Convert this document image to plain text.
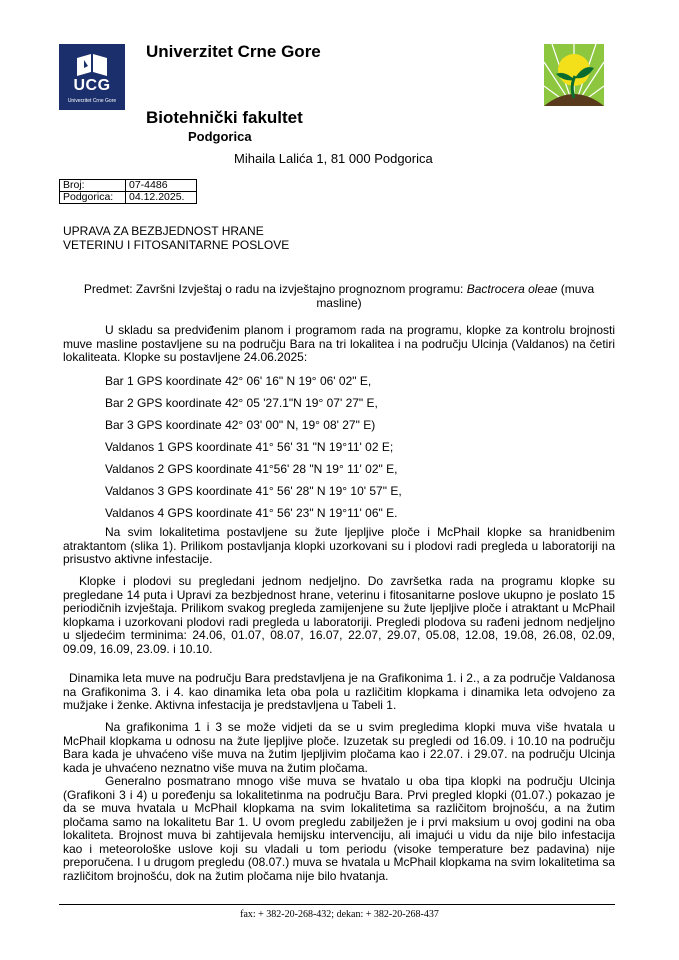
UCG
Univerzitet Crne Gore
Univerzitet Crne Gore
Biotehnički fakultet
Podgorica
Mihaila Lalića 1, 81 000 Podgorica
Broj:	07-4486
Podgorica:	04.12.2025.
UPRAVA ZA BEZBJEDNOST HRANE
VETERINU I FITOSANITARNE POSLOVE
Predmet: Završni Izvještaj o radu na izvještajno prognoznom programu: Bactrocera oleae (muva
masline)
U skladu sa predviđenim planom i programom rada na programu, klopke za kontrolu brojnosti muve masline postavljene su na području Bara na tri lokalitea i na području Ulcinja (Valdanos) na četiri lokaliteata. Klopke su postavljene 24.06.2025:
Bar 1 GPS koordinate 42° 06' 16" N 19° 06' 02" E,
Bar 2 GPS koordinate 42° 05 '27.1"N 19° 07' 27" E,
Bar 3 GPS koordinate 42° 03' 00" N, 19° 08' 27" E)
Valdanos 1 GPS koordinate 41° 56' 31 "N 19°11' 02 E;
Valdanos 2 GPS koordinate 41°56' 28 "N 19° 11' 02" E,
Valdanos 3 GPS koordinate 41° 56' 28" N 19° 10' 57" E,
Valdanos 4 GPS koordinate 41° 56' 23" N 19°11' 06" E.
Na svim lokalitetima postavljene su žute ljepljive ploče i McPhail klopke sa hranidbenim atraktantom (slika 1). Prilikom postavljanja klopki uzorkovani su i plodovi radi pregleda u laboratoriji na prisustvo aktivne infestacije.
Klopke i plodovi su pregledani jednom nedjeljno. Do završetka rada na programu klopke su pregledane 14 puta i Upravi za bezbjednost hrane, veterinu i fitosanitarne poslove ukupno je poslato 15 periodičnih izvještaja. Prilikom svakog pregleda zamijenjene su žute ljepljive ploče i atraktant u McPhail klopkama i uzorkovani plodovi radi pregleda u laboratoriji. Pregledi plodova su rađeni jednom nedjeljno u sljedećim terminima: 24.06, 01.07, 08.07, 16.07, 22.07, 29.07, 05.08, 12.08, 19.08, 26.08, 02.09, 09.09, 16.09, 23.09. i 10.10.
Dinamika leta muve na području Bara predstavljena je na Grafikonima 1. i 2., a za područje Valdanosa na Grafikonima 3. i 4. kao dinamika leta oba pola u različitim klopkama i dinamika leta odvojeno za mužjake i ženke. Aktivna infestacija je predstavljena u Tabeli 1.
Na grafikonima 1 i 3 se može vidjeti da se u svim pregledima klopki muva više hvatala u McPhail klopkama u odnosu na žute ljepljive ploče. Izuzetak su pregledi od 16.09. i 10.10 na području Bara kada je uhvaćeno više muva na žutim ljepljivim pločama kao i 22.07. i 29.07. na području Ulcinja kada je uhvaćeno neznatno više muva na žutim pločama.
Generalno posmatrano mnogo više muva se hvatalo u oba tipa klopki na području Ulcinja (Grafikoni 3 i 4) u poređenju sa lokalitetinma na području Bara. Prvi pregled klopki (01.07.) pokazao je da se muva hvatala u McPhail klopkama na svim lokalitetima sa različitom brojnošću, a na žutim pločama samo na lokalitetu Bar 1. U ovom pregledu zabilježen je i prvi maksium u ovoj godini na oba lokaliteta. Brojnost muva bi zahtijevala hemijsku intervenciju, ali imajući u vidu da nije bilo infestacija kao i meteorološke uslove koji su vladali u tom periodu (visoke temperature bez padavina) nije preporučena. I u drugom pregledu (08.07.) muva se hvatala u McPhail klopkama na svim lokalitetima sa različitom brojnošću, dok na žutim pločama nije bilo hvatanja.
fax: + 382-20-268-432; dekan: + 382-20-268-437
